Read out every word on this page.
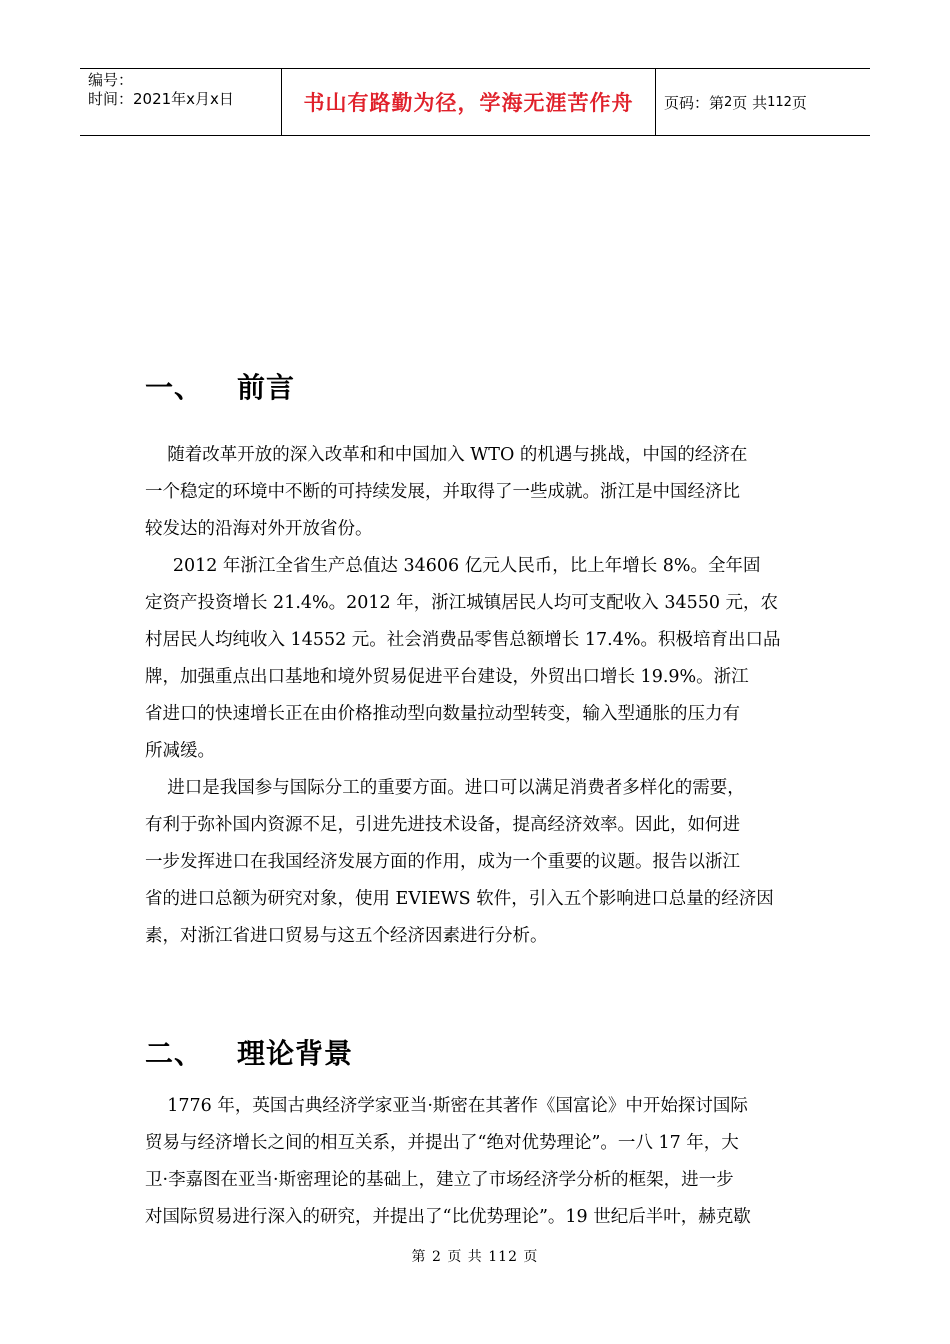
编号：
时间：2021年x月x日	书山有路勤为径，学海无涯苦作舟	页码：第 2 页 共 112 页
一、 前言
随着改革开放的深入改革和和中国加入 WTO 的机遇与挑战，中国的经济在
一个稳定的环境中不断的可持续发展，并取得了一些成就。浙江是中国经济比
较发达的沿海对外开放省份。
2012 年浙江全省生产总值达 34606 亿元人民币，比上年增长 8%。全年固
定资产投资增长 21.4%。2012 年，浙江城镇居民人均可支配收入 34550 元，农
村居民人均纯收入 14552 元。社会消费品零售总额增长 17.4%。积极培育出口品
牌，加强重点出口基地和境外贸易促进平台建设，外贸出口增长 19.9%。浙江
省进口的快速增长正在由价格推动型向数量拉动型转变，输入型通胀的压力有
所减缓。
进口是我国参与国际分工的重要方面。进口可以满足消费者多样化的需要，
有利于弥补国内资源不足，引进先进技术设备，提高经济效率。因此，如何进
一步发挥进口在我国经济发展方面的作用，成为一个重要的议题。报告以浙江
省的进口总额为研究对象，使用 EVIEWS 软件，引入五个影响进口总量的经济因
素，对浙江省进口贸易与这五个经济因素进行分析。
二、 理论背景
1776 年，英国古典经济学家亚当·斯密在其著作《国富论》中开始探讨国际
贸易与经济增长之间的相互关系，并提出了“绝对优势理论”。一八 17 年，大
卫·李嘉图在亚当·斯密理论的基础上，建立了市场经济学分析的框架，进一步
对国际贸易进行深入的研究，并提出了“比优势理论”。19 世纪后半叶，赫克歇
第 2 页 共 112 页
